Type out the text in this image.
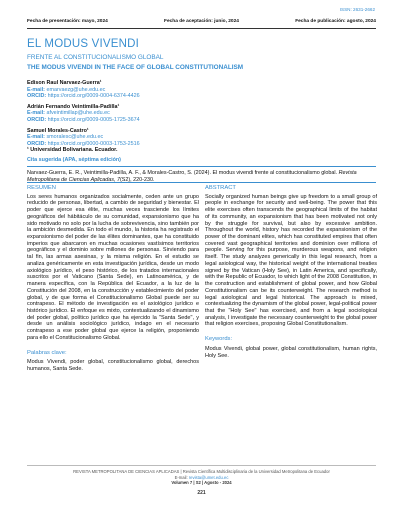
ISSN: 2631-2662
Fecha de presentación: mayo, 2024	Fecha de aceptación: junio, 2024	Fecha de publicación: agosto, 2024
EL MODUS VIVENDI
FRENTE AL CONSTITUCIONALISMO GLOBAL
THE MODUS VIVENDI IN THE FACE OF GLOBAL CONSTITUTIONALISM
Edison Raul Narvaez-Guerra¹
E-mail: emarvaezg@uhe.edu.ec
ORCID: https://orcid.org/0009-0004-6374-4426
Adrián Fernando Veintimilla-Padilla¹
E-mail: afveintimillap@uhe.edu.ec
ORCID: https://orcid.org/0009-0005-1725-3674
Samuel Morales-Castro¹
E-mail: smoralesc@uhe.edu.ec
ORCID: https://orcid.org/0000-0003-1753-2516
¹ Universidad Bolivariana. Ecuador.
Cita sugerida (APA, séptima edición)
Narvaez-Guerra, E. R., Veintimilla-Padilla, A. F., & Morales-Castro, S. (2024). El modus vivendi frente al constitucionalismo global. Revista Metropolitana de Ciencias Aplicadas, 7(S2), 220-230.
RESUMEN

Los seres humanos organizados socialmente, ceden ante un grupo reducido de personas, libertad, a cambio de seguridad y bienestar. El poder que ejerce esa élite, muchas veces trasciende los límites geográficos del hábitáculo de su comunidad, expansionismo que ha sido motivado no solo por la lucha de sobrevivencia, sino también por la ambición desmedida. En todo el mundo, la historia ha registrado el expansionismo del poder de las élites dominantes, que ha constituido imperios que abarcaron en muchas ocasiones vastísimos territorios geográficos y el dominio sobre millones de personas. Sirviendo para tal fin, las armas asesinas, y la misma religión. En el estudio se analiza genéricamente en esta investigación jurídica, desde un modo axiológico jurídico, el peso histórico, de los tratados internacionales suscritos por el Vaticano (Santa Sede), en Latinoamérica, y de manera específica, con la República del Ecuador, a la luz de la Constitución del 2008, en la construcción y establecimiento del poder global, y de que forma el Constitucionalismo Global puede ser su contrapeso. El método de investigación es el axiológico jurídico e histórico jurídico. El enfoque es mixto, contextualizando el dinamismo del poder global, político jurídico que ha ejercido la "Santa Sede", y desde un análisis sociológico jurídico, indago en el necesario contrapeso a ese poder global que ejerce la religión, proponiendo para ello el Constitucionalismo Global.

Palabras clave:

Modus Vivendi, poder global, constitucionalismo global, derechos humanos, Santa Sede.

ABSTRACT

Socially organized human beings give up freedom to a small group of people in exchange for security and well-being. The power that this elite exercises often transcends the geographical limits of the habitat of its community, an expansionism that has been motivated not only by the struggle for survival, but also by excessive ambition. Throughout the world, history has recorded the expansionism of the power of the dominant elites, which has constituted empires that often covered vast geographical territories and dominion over millions of people. Serving for this purpose, murderous weapons, and religion itself. The study analyzes generically in this legal research, from a legal axiological way, the historical weight of the international treaties signed by the Vatican (Holy See), in Latin America, and specifically, with the Republic of Ecuador, to which light of the 2008 Constitution, in the construction and establishment of global power, and how Global Constitutionalism can be its counterweight. The research method is legal axiological and legal historical. The approach is mixed, contextualizing the dynamism of the global power, legal-political power that the "Holy See" has exercised, and from a legal sociological analysis, I investigate the necessary counterweight to the global power that religion exercises, proposing Global Constitutionalism.

Keywords:

Modus Vivendi, global power, global constitutionalism, human rights, Holy See.

REVISTA METROPOLITANA DE CIENCIAS APLICADAS | Revista Científica Multidisciplinaria de la Universidad Metropolitana de Ecuador
E-mail: revista@umet.edu.ec
Volumen 7 | S2 | Agosto - 2024
221
